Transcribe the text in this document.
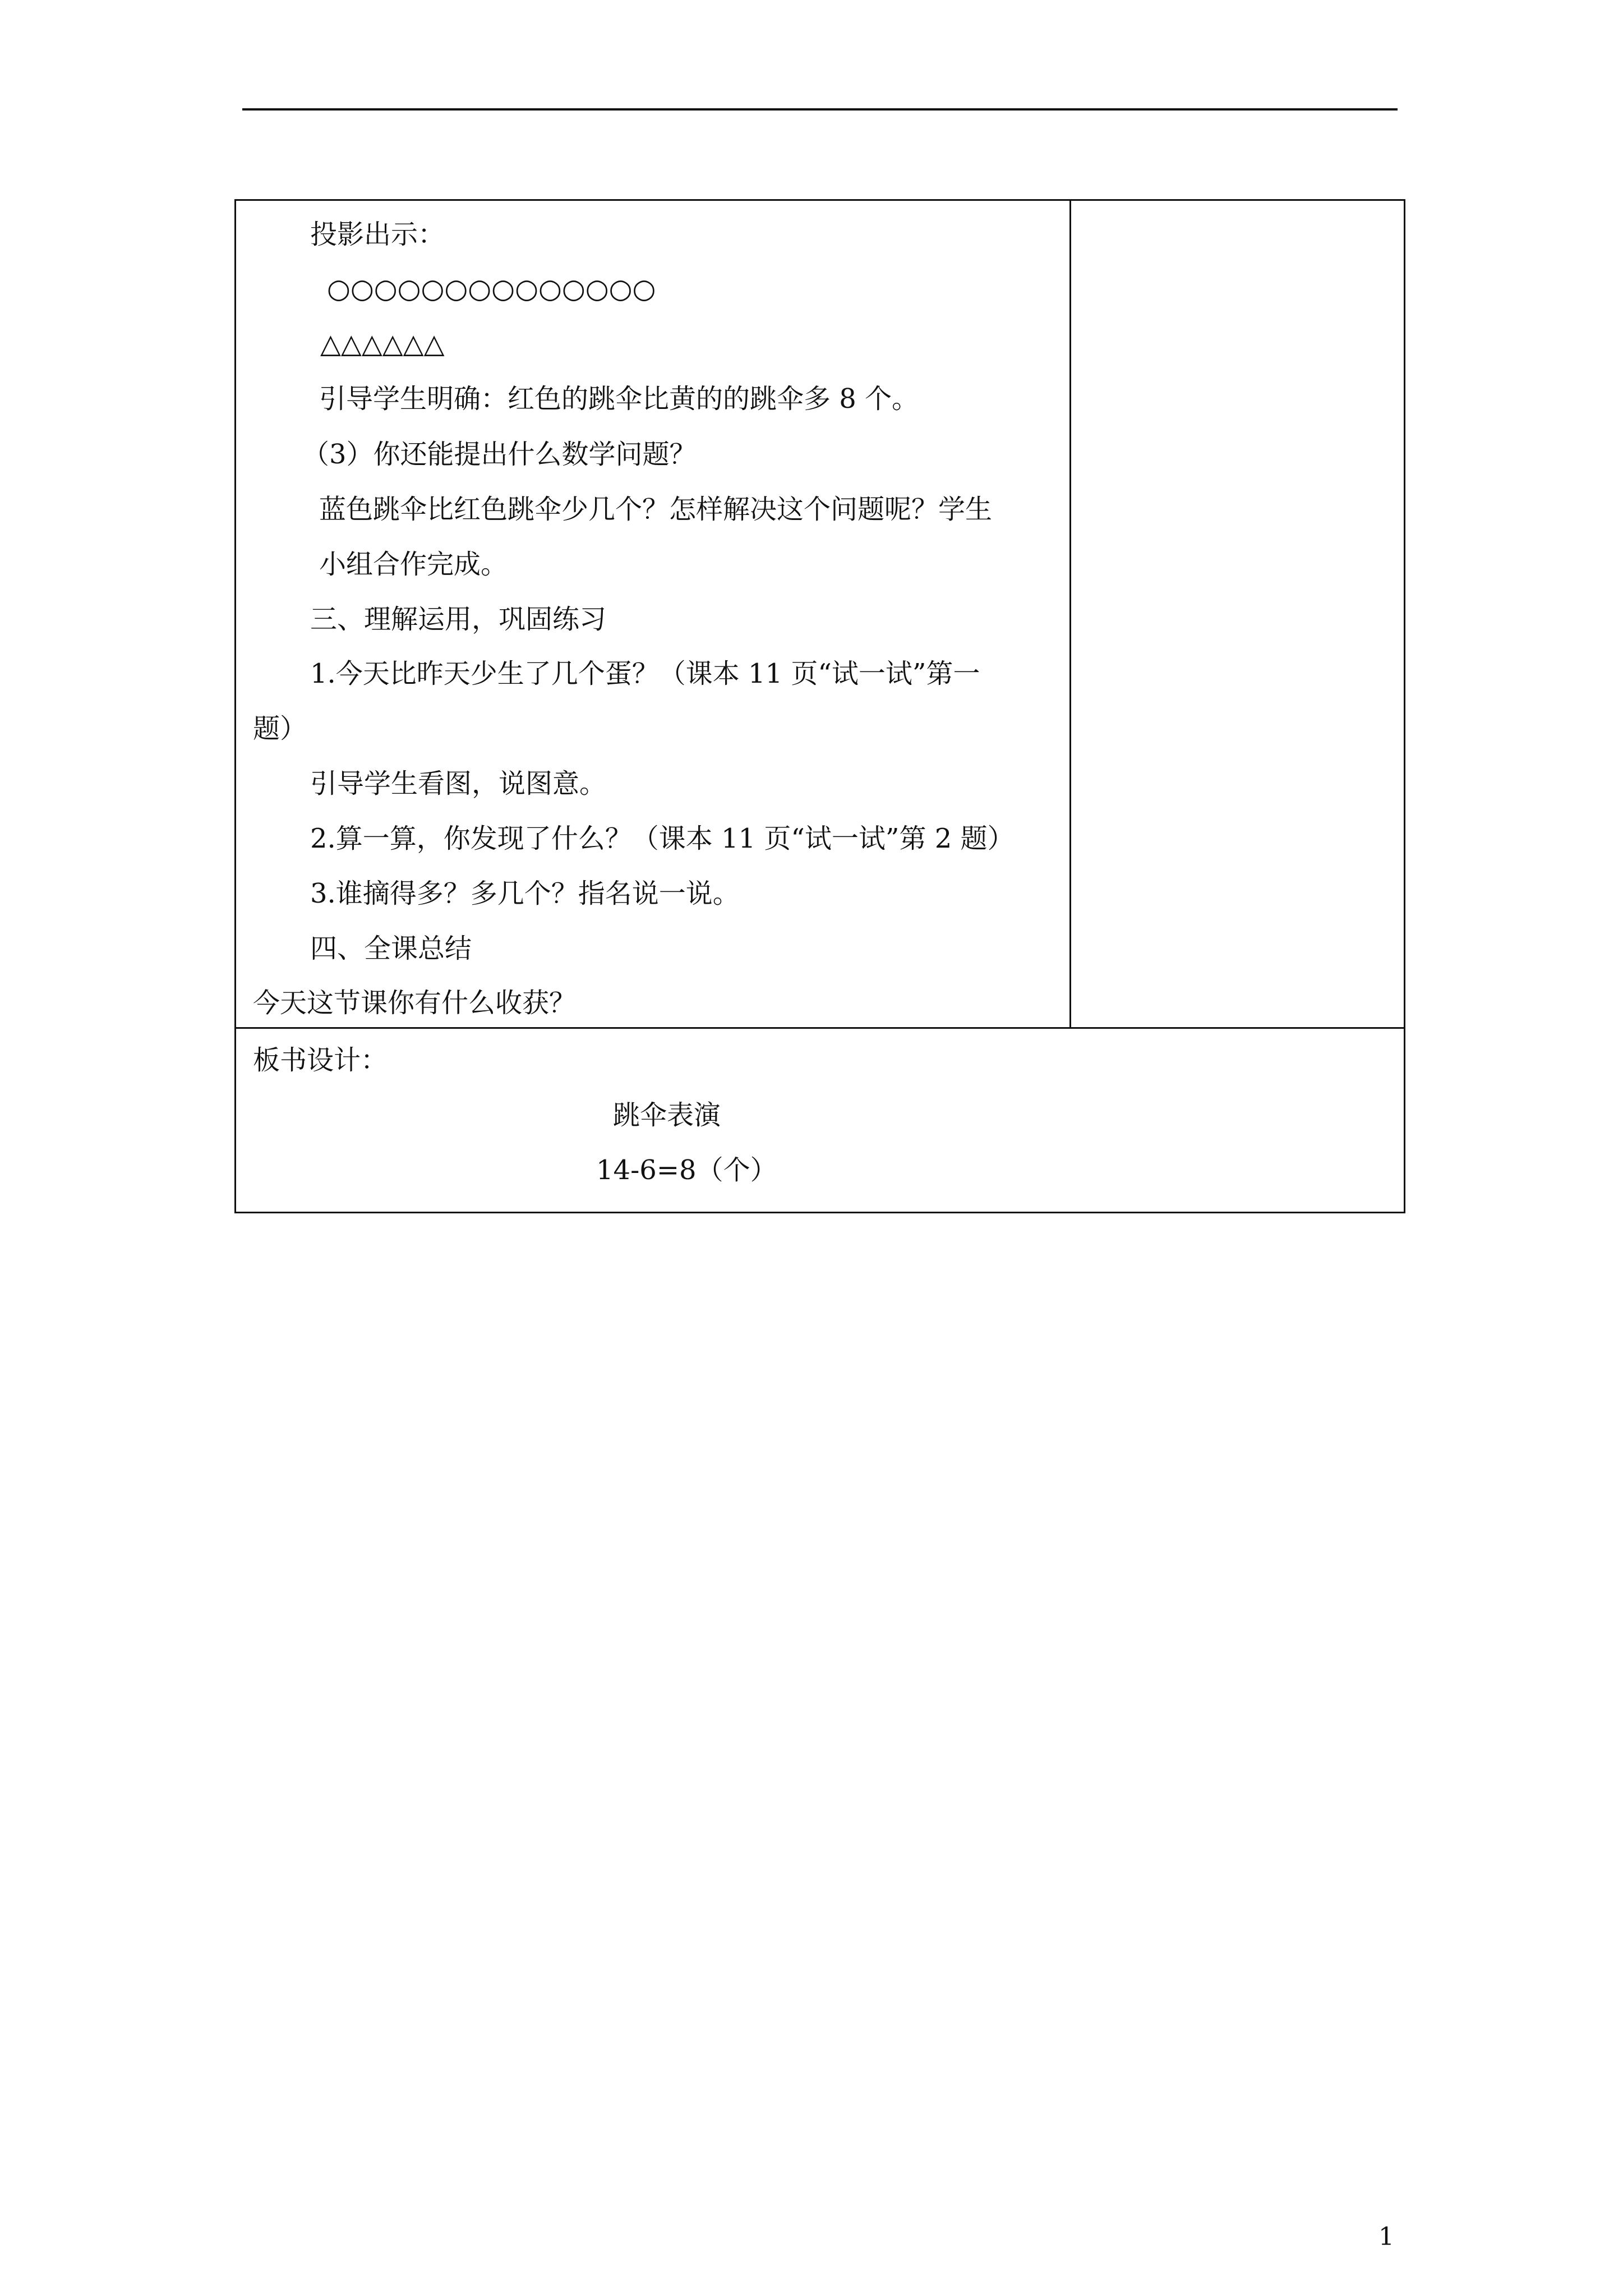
投影出示：
○○○○○○○○○○○○○○
△△△△△△
引导学生明确：红色的跳伞比黄的的跳伞多 8 个。
（3）你还能提出什么数学问题？
蓝色跳伞比红色跳伞少几个？怎样解决这个问题呢？学生
小组合作完成。
三、理解运用，巩固练习
1.今天比昨天少生了几个蛋？（课本 11 页“试一试”第一
题）
引导学生看图，说图意。
2.算一算，你发现了什么？（课本 11 页“试一试”第 2 题）
3.谁摘得多？多几个？指名说一说。
四、全课总结
今天这节课你有什么收获？
板书设计：
跳伞表演
14-6=8（个）
1
